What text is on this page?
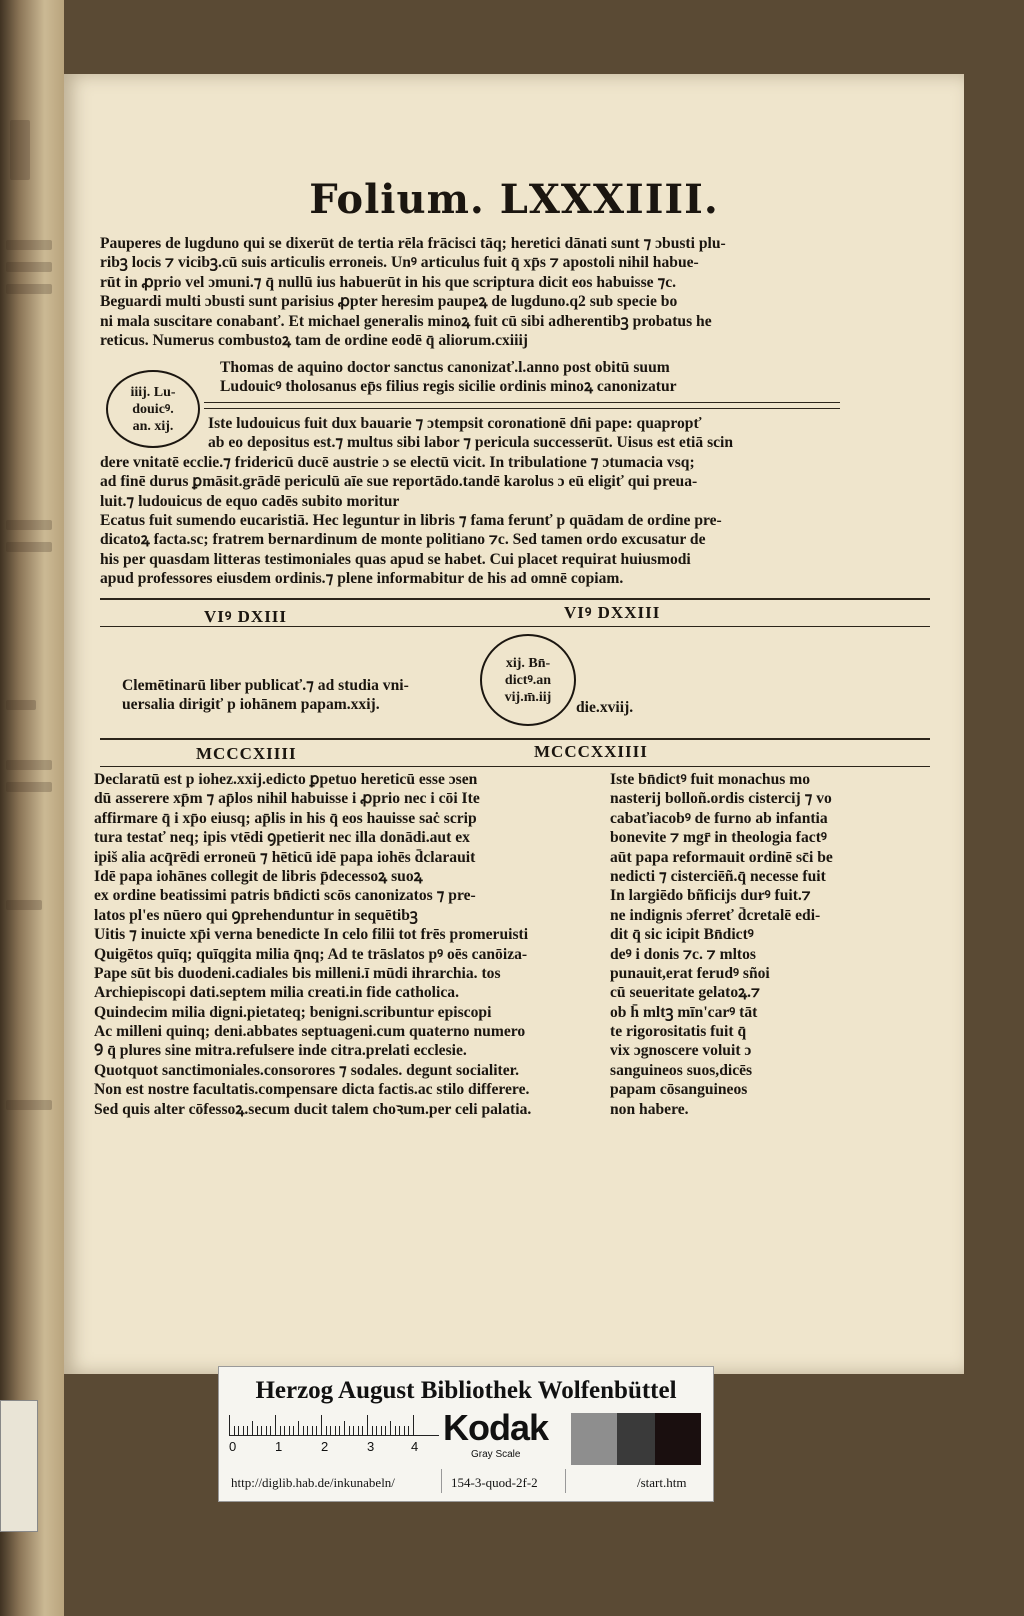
Folium. LXXXIIII.
Pauperes de lugduno qui se dixerūt de tertia rēla frācisci tāq; heretici dānati sunt ⁊ ɔbusti plu-
ribꝫ locis ⁊ vicibꝫ.cū suis articulis erroneis. Unꝰ articulus fuit q̄ xp̄s ⁊ apostoli nihil habue-
rūt in ꝓprio vel ɔmuni.⁊ q̄ nullū ius habuerūt in his que scriptura dicit eos habuisse ⁊c.
Beguardi multi ɔbusti sunt parisius ꝓpter heresim paupeꝝ de lugduno.q2 sub specie bo
ni mala suscitare conabanť. Et michael generalis minoꝝ fuit cū sibi adherentibꝫ probatus he
reticus. Numerus combustoꝝ tam de ordine eodē q̄ aliorum.cxiiij
Thomas de aquino doctor sanctus canonizať.l.anno post obitū suum
Ludouicꝰ tholosanus ep̄s filius regis sicilie ordinis minoꝝ canonizatur
iiij. Lu-
douicꝰ.
an. xij.	Iste ludouicus fuit dux bauarie ⁊ ɔtempsit coronationē dn̄i pape: quapropť
ab eo depositus est.⁊ multus sibi labor ⁊ pericula successerūt. Uisus est etiā scin
dere vnitatē ecclie.⁊ fridericū ducē austrie ɔ se electū vicit. In tribulatione ⁊ ɔtumacia vsq;
ad finē durus ꝑmāsit.grādē periculū aīe sue reportādo.tandē karolus ɔ eū eligiť qui preua-
luit.⁊ ludouicus de equo cadēs subito moritur
Ecatus fuit sumendo eucaristiā. Hec leguntur in libris ⁊ fama ferunť p quādam de ordine pre-
dicatoꝝ facta.sc; fratrem bernardinum de monte politiano ⁊c. Sed tamen ordo excusatur de
his per quasdam litteras testimoniales quas apud se habet. Cui placet requirat huiusmodi
apud professores eiusdem ordinis.⁊ plene informabitur de his ad omnē copiam.
VIꝰ DXIII	VIꝰ DXXIII
Clemētinarū liber publicať.⁊ ad studia vni-
uersalia dirigiť p iohānem papam.xxij.
xij. Bn̄-
dictꝰ.an
vij.m̄.iij
die.xviij.
MCCCXIIII	MCCCXXIIII
Declaratū est p iohez.xxij.edicto ꝑpetuo hereticū esse ɔsen
dū asserere xp̄m ⁊ ap̄los nihil habuisse i ꝓprio nec i cōi Ite
affirmare q̄ i xp̄o eiusq; ap̄lis in his q̄ eos hauisse saċ scrip
tura testať neq; ipis vtēdi ꝯpetierit nec illa donādi.aut ex
ipiš alia acq̄rēdi erroneū ⁊ hēticū idē papa iohēs d̄clarauit
Idē papa iohānes collegit de libris p̄decessoꝝ suoꝝ
ex ordine beatissimi patris bn̄dicti scōs canonizatos ⁊ pre-
latos pl'es nūero qui ꝯprehenduntur in sequētibꝫ
Uitis ⁊ inuicte xp̄i verna benedicte In celo filii tot frēs promeruisti
Quigētos quīq; quīqgita milia q̄nq; Ad te trāslatos pꝰ oēs canōiza-
Pape sūt bis duodeni.cadiales bis milleni.ī mūdi ihrarchia. tos
Archiepiscopi dati.septem milia creati.in fide catholica.
Quindecim milia digni.pietateq; benigni.scribuntur episcopi
Ac milleni quinq; deni.abbates septuageni.cum quaterno numero
Ꝯ q̄ plures sine mitra.refulsere inde citra.prelati ecclesie.
Quotquot sanctimoniales.consorores ⁊ sodales. degunt socialiter.
Non est nostre facultatis.compensare dicta factis.ac stilo differere.
Sed quis alter cōfessoꝝ.secum ducit talem choꝛum.per celi palatia.
Iste bn̄dictꝰ fuit monachus mo
nasterij bolloñ.ordis cistercij ⁊ vo
cabaťiacobꝰ de furno ab infantia
bonevite ⁊ mgr̄ in theologia factꝰ
aūt papa reformauit ordinē sc̄i be
nedicti ⁊ cisterciēñ.q̄ necesse fuit
In largiēdo bñficijs durꝰ fuit.⁊
ne indignis ɔferreť d̄cretalē edi-
dit q̄ sic icipit Bn̄dictꝰ
deꝰ i donis ⁊c. ⁊ mltos
punauit,erat ferudꝰ sñoi
cū seueritate gelatoꝝ.⁊
ob h̄ mltꝫ mīn'carꝰ tāt
te rigorositatis fuit q̄
vix ɔgnoscere voluit ɔ
sanguineos suos,dicēs
papam cōsanguineos
non habere.
Herzog August Bibliothek Wolfenbüttel
0	1	2	3	4 Kodak
Gray Scale
http://diglib.hab.de/inkunabeln/	154-3-quod-2f-2	/start.htm
